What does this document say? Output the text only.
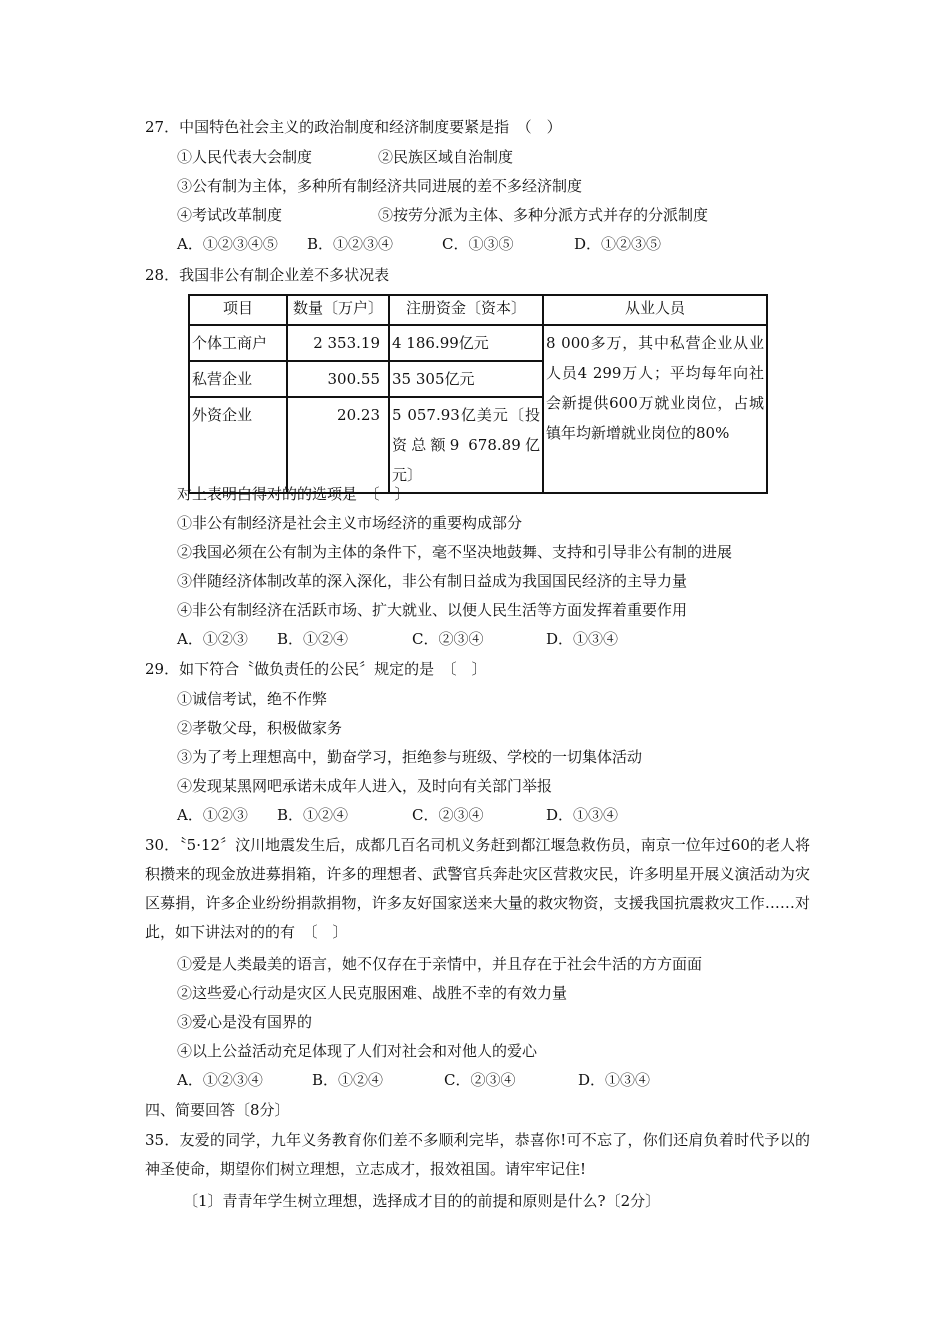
27．中国特色社会主义的政治制度和经济制度要紧是指　（　）
①人民代表大会制度	②民族区域自治制度
③公有制为主体，多种所有制经济共同进展的差不多经济制度
④考试改革制度	⑤按劳分派为主体、多种分派方式并存的分派制度
A．①②③④⑤ B．①②③④	C．①③⑤	D．①②③⑤
28．我国非公有制企业差不多状况表
项目	数量〔万户〕	注册资金〔资本〕	从业人员
个体工商户	2 353.19	4 186.99亿元	8 000多万，其中私营企业从业人员4 299万人；平均每年向社会新提供600万就业岗位，占城镇年均新增就业岗位的80%
私营企业	300.55	35 305亿元	
外资企业	20.23	5 057.93亿美元〔投资总额9 678.89亿元〕	
对上表明白得对的的选项是　〔　〕
①非公有制经济是社会主义市场经济的重要构成部分
②我国必须在公有制为主体的条件下，毫不坚决地鼓舞、支持和引导非公有制的进展
③伴随经济体制改革的深入深化，非公有制日益成为我国国民经济的主导力量
④非公有制经济在活跃市场、扩大就业、以便人民生活等方面发挥着重要作用
A．①②③ B．①②④	C．②③④	D．①③④
29．如下符合〝做负责任的公民〞规定的是　〔　〕
①诚信考试，绝不作弊
②孝敬父母，积极做家务
③为了考上理想高中，勤奋学习，拒绝参与班级、学校的一切集体活动
④发现某黑网吧承诺未成年人进入，及时向有关部门举报
A．①②③ B．①②④	C．②③④	D．①③④
30．〝5·12〞汶川地震发生后，成都几百名司机义务赶到都江堰急救伤员，南京一位年过60的老人将积攒来的现金放进募捐箱，许多的理想者、武警官兵奔赴灾区营救灾民，许多明星开展义演活动为灾区募捐，许多企业纷纷捐款捐物，许多友好国家送来大量的救灾物资，支援我国抗震救灾工作……对此，如下讲法对的的有　〔　〕
①爱是人类最美的语言，她不仅存在于亲情中，并且存在于社会牛活的方方面面
②这些爱心行动是灾区人民克服困难、战胜不幸的有效力量
③爱心是没有国界的
④以上公益活动充足体现了人们对社会和对他人的爱心
A．①②③④	B．①②④	C．②③④	D．①③④
四、简要回答〔8分〕
35．友爱的同学，九年义务教育你们差不多顺利完毕，恭喜你!可不忘了，你们还肩负着时代予以的神圣使命，期望你们树立理想，立志成才，报效祖国。请牢牢记住!
〔1〕青青年学生树立理想，选择成才目的的前提和原则是什么?〔2分〕
